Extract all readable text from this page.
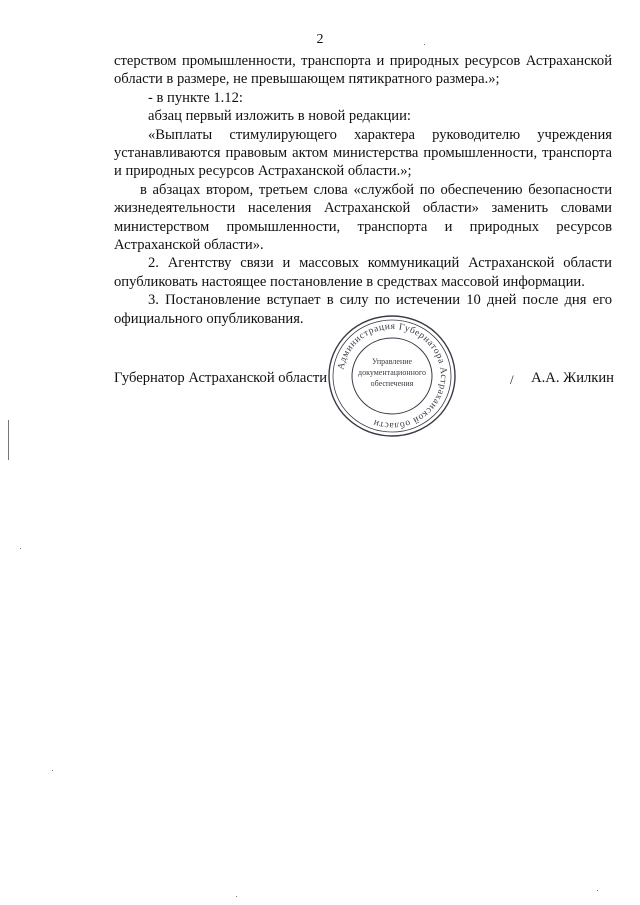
2

стерством промышленности, транспорта и природных ресурсов Астраханской области в размере, не превышающем пятикратного размера.»;

- в пункте 1.12:

абзац первый изложить в новой редакции:

«Выплаты стимулирующего характера руководителю учреждения устанавливаются правовым актом министерства промышленности, транспорта и природных ресурсов Астраханской области.»;

в абзацах втором, третьем слова «службой по обеспечению безопасности жизнедеятельности населения Астраханской области» заменить словами министерством промышленности, транспорта и природных ресурсов Астраханской области».

2. Агентству связи и массовых коммуникаций Астраханской области опубликовать настоящее постановление в средствах массовой информации.

3. Постановление вступает в силу по истечении 10 дней после дня его официального опубликования.

Губернатор Астраханской области	/ А.А. Жилкин
Администрация Губернатора Астраханской области
Управление
документационного
обеспечения
